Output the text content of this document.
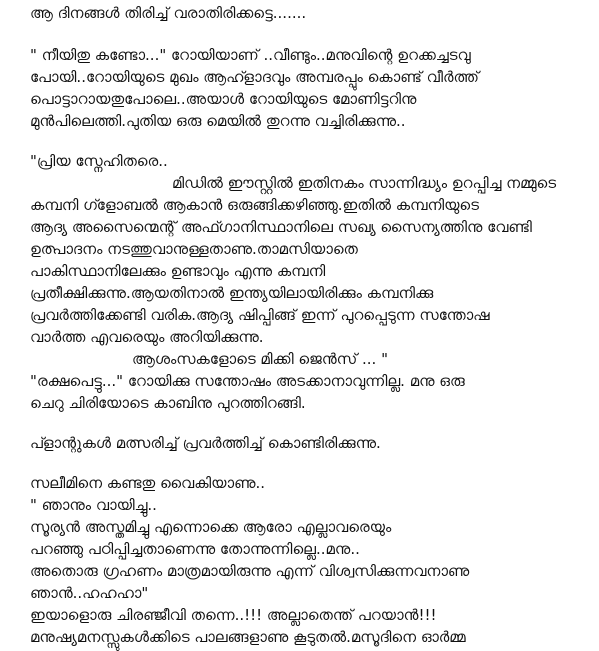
ആ ദിനങ്ങൾ തിരിച്ച് വരാതിരിക്കട്ടെ.......
" നീയിതു കണ്ടോ..." റോയിയാണ് ..വീണ്ടും..മനുവിന്റെ ഉറക്കച്ചടവു
പോയി..റോയിയുടെ മുഖം ആഹ്ളാദവും അമ്പരപ്പും കൊണ്ട് വീർത്ത്
പൊട്ടാറായതുപോലെ..അയാൾ റോയിയുടെ മോണിട്ടറിനു
മുൻപിലെത്തി.പുതിയ ഒരു മെയിൽ തുറന്നു വച്ചിരിക്കുന്നു..
"പ്രിയ സ്നേഹിതരെ..
മിഡിൽ ഈസ്റ്റിൽ ഇതിനകം സാന്നിദ്ധ്യം ഉറപ്പിച്ച നമ്മുടെ
കമ്പനി ഗ്ളോബൽ ആകാൻ ഒരുങ്ങിക്കഴിഞ്ഞു.ഇതിൽ കമ്പനിയുടെ
ആദ്യ അസൈന്മെന്റ് അഫ്ഗാനിസ്ഥാനിലെ സഖ്യ സൈന്യത്തിനു വേണ്ടി
ഉത്പാദനം നടത്തുവാനുള്ളതാണു.താമസിയാതെ
പാകിസ്ഥാനിലേക്കും ഉണ്ടാവും എന്നു കമ്പനി
പ്രതീക്ഷിക്കുന്നു.ആയതിനാൽ ഇന്ത്യയിലായിരിക്കും കമ്പനിക്കു
പ്രവർത്തിക്കേണ്ടി വരിക.ആദ്യ ഷിപ്പിങ്ങ് ഇന്ന് പുറപ്പെടുന്ന സന്തോഷ
വാർത്ത എവരെയും അറിയിക്കുന്നു.
ആശംസകളോടെ മിക്കി ജെൻസ് ... "
"രക്ഷപെട്ടു..." റോയിക്കു സന്തോഷം അടക്കാനാവുന്നില്ല. മനു ഒരു
ചെറു ചിരിയോടെ കാബിനു പുറത്തിറങ്ങി.
പ്ളാന്റുകൾ മത്സരിച്ച് പ്രവർത്തിച്ച് കൊണ്ടിരിക്കുന്നു.
സലീമിനെ കണ്ടതു വൈകിയാണു..
" ഞാനും വായിച്ചു..
സൂര്യൻ അസ്തമിച്ചു എന്നൊക്കെ ആരോ എല്ലാവരെയും
പറഞ്ഞു പഠിപ്പിച്ചതാണെന്നു തോന്നുന്നില്ലെ..മനു..
അതൊരു ഗ്രഹണം മാത്രമായിരുന്നു എന്ന് വിശ്വസിക്കുന്നവനാണു
ഞാൻ..ഹഹഹാ"
ഇയാളൊരു ചിരഞ്ജീവി തന്നെ..!!! അല്ലാതെന്ത് പറയാൻ!!!
മനുഷ്യമനസ്സുകൾക്കിടെ പാലങ്ങളാണു കൂടുതൽ.മസൂദിനെ ഓർമ്മ
